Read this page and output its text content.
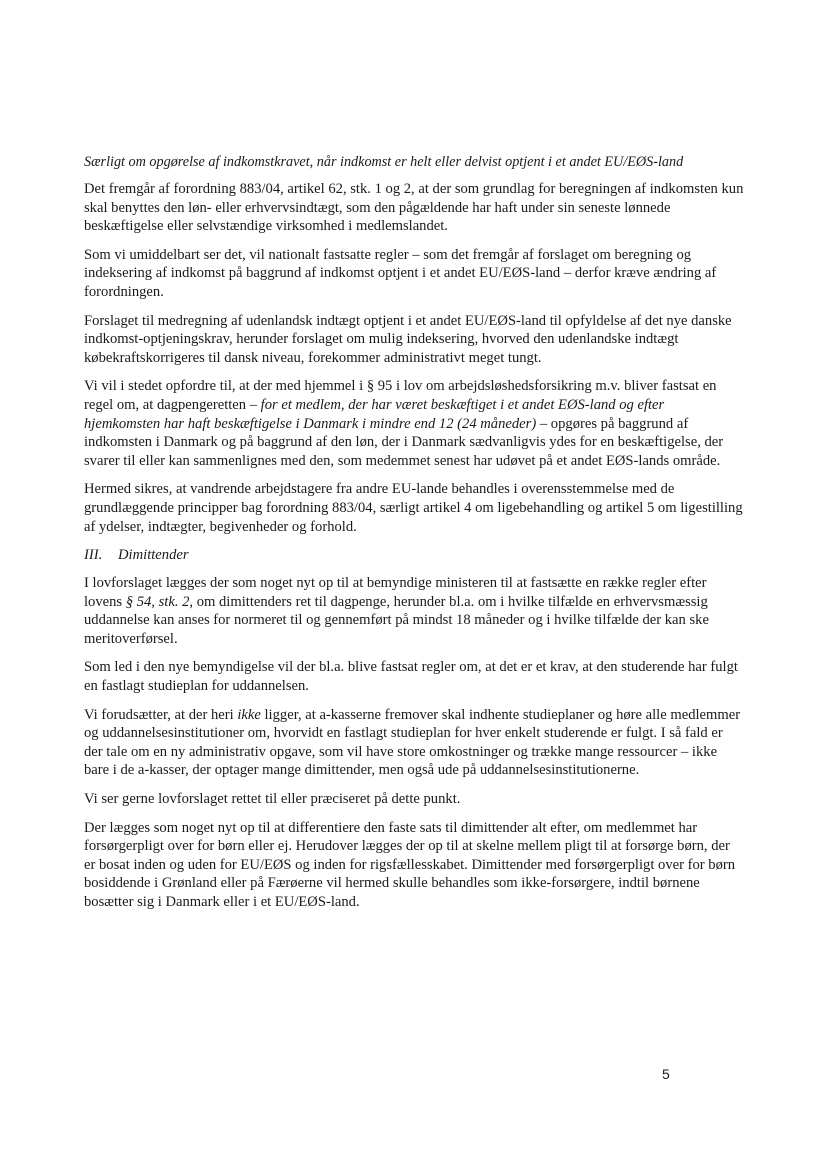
Særligt om opgørelse af indkomstkravet, når indkomst er helt eller delvist optjent i et andet EU/EØS-land

Det fremgår af forordning 883/04, artikel 62, stk. 1 og 2, at der som grundlag for beregningen af indkomsten kun skal benyttes den løn- eller erhvervsindtægt, som den pågældende har haft under sin seneste lønnede beskæftigelse eller selvstændige virksomhed i medlemslandet.

Som vi umiddelbart ser det, vil nationalt fastsatte regler – som det fremgår af forslaget om beregning og indeksering af indkomst på baggrund af indkomst optjent i et andet EU/EØS-land – derfor kræve ændring af forordningen.

Forslaget til medregning af udenlandsk indtægt optjent i et andet EU/EØS-land til opfyldelse af det nye danske indkomst-optjeningskrav, herunder forslaget om mulig indeksering, hvorved den udenlandske indtægt købekraftskorrigeres til dansk niveau, forekommer administrativt meget tungt.

Vi vil i stedet opfordre til, at der med hjemmel i § 95 i lov om arbejdsløshedsforsikring m.v. bliver fastsat en regel om, at dagpengeretten – for et medlem, der har været beskæftiget i et andet EØS-land og efter hjemkomsten har haft beskæftigelse i Danmark i mindre end 12 (24 måneder) – opgøres på baggrund af indkomsten i Danmark og på baggrund af den løn, der i Danmark sædvanligvis ydes for en beskæftigelse, der svarer til eller kan sammenlignes med den, som medemmet senest har udøvet på et andet EØS-lands område.

Hermed sikres, at vandrende arbejdstagere fra andre EU-lande behandles i overensstemmelse med de grundlæggende principper bag forordning 883/04, særligt artikel 4 om ligebehandling og artikel 5 om ligestilling af ydelser, indtægter, begivenheder og forhold.

III.	Dimittender

I lovforslaget lægges der som noget nyt op til at bemyndige ministeren til at fastsætte en række regler efter lovens § 54, stk. 2, om dimittenders ret til dagpenge, herunder bl.a. om i hvilke tilfælde en erhvervsmæssig uddannelse kan anses for normeret til og gennemført på mindst 18 måneder og i hvilke tilfælde der kan ske meritoverførsel.

Som led i den nye bemyndigelse vil der bl.a. blive fastsat regler om, at det er et krav, at den studerende har fulgt en fastlagt studieplan for uddannelsen.

Vi forudsætter, at der heri ikke ligger, at a-kasserne fremover skal indhente studieplaner og høre alle medlemmer og uddannelsesinstitutioner om, hvorvidt en fastlagt studieplan for hver enkelt studerende er fulgt. I så fald er der tale om en ny administrativ opgave, som vil have store omkostninger og trække mange ressourcer – ikke bare i de a-kasser, der optager mange dimittender, men også ude på uddannelsesinstitutionerne.

Vi ser gerne lovforslaget rettet til eller præciseret på dette punkt.

Der lægges som noget nyt op til at differentiere den faste sats til dimittender alt efter, om medlemmet har forsørgerpligt over for børn eller ej. Herudover lægges der op til at skelne mellem pligt til at forsørge børn, der er bosat inden og uden for EU/EØS og inden for rigsfællesskabet. Dimittender med forsørgerpligt over for børn bosiddende i Grønland eller på Færøerne vil hermed skulle behandles som ikke-forsørgere, indtil børnene bosætter sig i Danmark eller i et EU/EØS-land.

5
